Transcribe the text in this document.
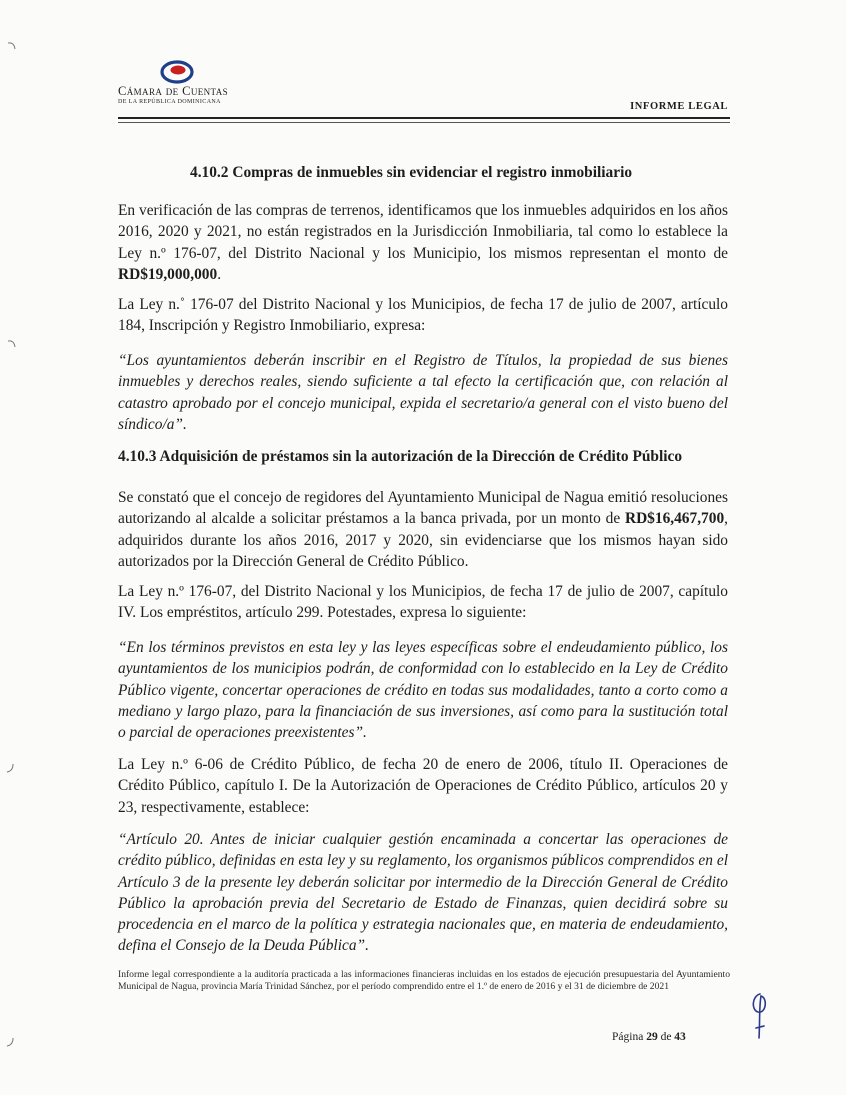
Cámara de Cuentas
DE LA REPÚBLICA DOMINICANA	INFORME LEGAL
4.10.2 Compras de inmuebles sin evidenciar el registro inmobiliario
En verificación de las compras de terrenos, identificamos que los inmuebles adquiridos en los años 2016, 2020 y 2021, no están registrados en la Jurisdicción Inmobiliaria, tal como lo establece la Ley n.º 176-07, del Distrito Nacional y los Municipio, los mismos representan el monto de RD$19,000,000.
La Ley n.˚ 176-07 del Distrito Nacional y los Municipios, de fecha 17 de julio de 2007, artículo 184, Inscripción y Registro Inmobiliario, expresa:
“Los ayuntamientos deberán inscribir en el Registro de Títulos, la propiedad de sus bienes inmuebles y derechos reales, siendo suficiente a tal efecto la certificación que, con relación al catastro aprobado por el concejo municipal, expida el secretario/a general con el visto bueno del síndico/a”.
4.10.3 Adquisición de préstamos sin la autorización de la Dirección de Crédito Público
Se constató que el concejo de regidores del Ayuntamiento Municipal de Nagua emitió resoluciones autorizando al alcalde a solicitar préstamos a la banca privada, por un monto de RD$16,467,700, adquiridos durante los años 2016, 2017 y 2020, sin evidenciarse que los mismos hayan sido autorizados por la Dirección General de Crédito Público.
La Ley n.º 176-07, del Distrito Nacional y los Municipios, de fecha 17 de julio de 2007, capítulo IV. Los empréstitos, artículo 299. Potestades, expresa lo siguiente:
“En los términos previstos en esta ley y las leyes específicas sobre el endeudamiento público, los ayuntamientos de los municipios podrán, de conformidad con lo establecido en la Ley de Crédito Público vigente, concertar operaciones de crédito en todas sus modalidades, tanto a corto como a mediano y largo plazo, para la financiación de sus inversiones, así como para la sustitución total o parcial de operaciones preexistentes”.
La Ley n.º 6-06 de Crédito Público, de fecha 20 de enero de 2006, título II. Operaciones de Crédito Público, capítulo I. De la Autorización de Operaciones de Crédito Público, artículos 20 y 23, respectivamente, establece:
“Artículo 20. Antes de iniciar cualquier gestión encaminada a concertar las operaciones de crédito público, definidas en esta ley y su reglamento, los organismos públicos comprendidos en el Artículo 3 de la presente ley deberán solicitar por intermedio de la Dirección General de Crédito Público la aprobación previa del Secretario de Estado de Finanzas, quien decidirá sobre su procedencia en el marco de la política y estrategia nacionales que, en materia de endeudamiento, defina el Consejo de la Deuda Pública”.
Informe legal correspondiente a la auditoría practicada a las informaciones financieras incluidas en los estados de ejecución presupuestaria del Ayuntamiento Municipal de Nagua, provincia María Trinidad Sánchez, por el período comprendido entre el 1.º de enero de 2016 y el 31 de diciembre de 2021
Página 29 de 43
